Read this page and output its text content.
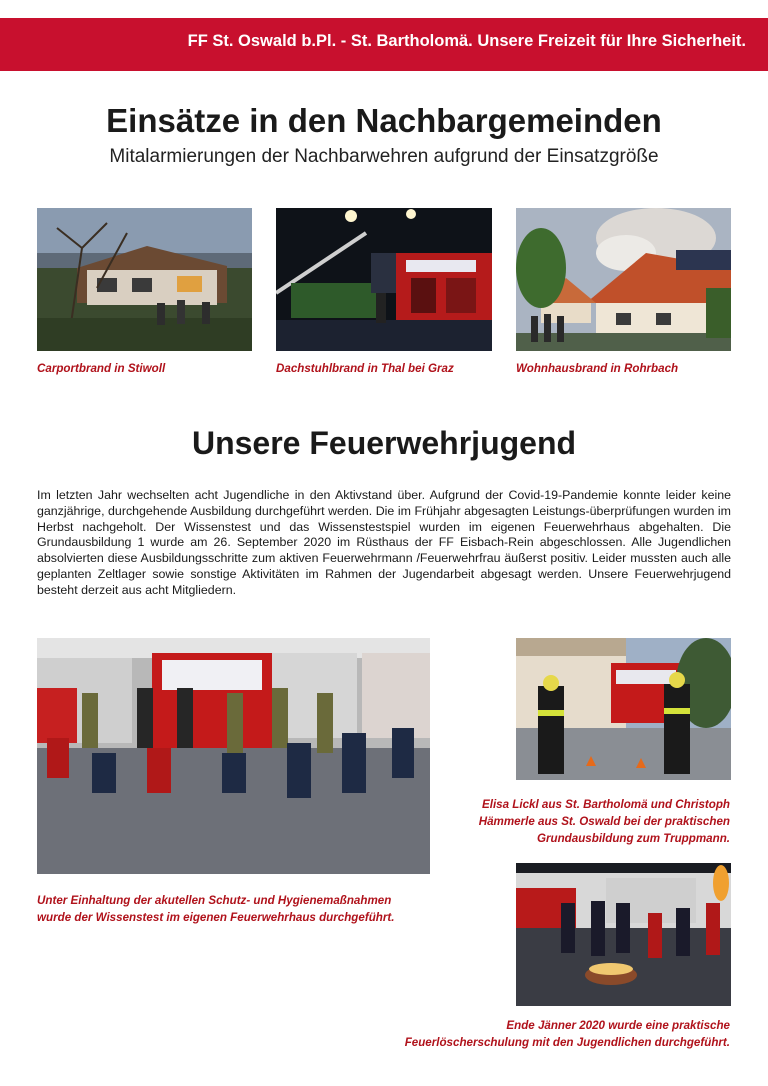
FF St. Oswald b.Pl. - St. Bartholomä. Unsere Freizeit für Ihre Sicherheit.
Einsätze in den Nachbargemeinden
Mitalarmierungen der Nachbarwehren aufgrund der Einsatzgröße
Carportbrand in Stiwoll	Dachstuhlbrand in Thal bei Graz	Wohnhausbrand in Rohrbach
Unsere Feuerwehrjugend

Im letzten Jahr wechselten acht Jugendliche in den Aktivstand über. Aufgrund der Covid-19-Pandemie konnte leider keine ganzjährige, durchgehende Ausbildung durchgeführt werden. Die im Frühjahr abgesagten Leistungs-überprüfungen wurden im Herbst nachgeholt. Der Wissenstest und das Wissenstestspiel wurden im eigenen Feuerwehrhaus abgehalten. Die Grundausbildung 1 wurde am 26. September 2020 im Rüsthaus der FF Eisbach-Rein abgeschlossen. Alle Jugendlichen absolvierten diese Ausbildungsschritte zum aktiven Feuerwehrmann /Feuerwehrfrau äußerst positiv. Leider mussten auch alle geplanten Zeltlager sowie sonstige Aktivitäten im Rahmen der Jugendarbeit abgesagt werden. Unsere Feuerwehrjugend besteht derzeit aus acht Mitgliedern.

Elisa Lickl aus St. Bartholomä und Christoph
Hämmerle aus St. Oswald bei der praktischen
Grundausbildung zum Truppmann.
Unter Einhaltung der akutellen Schutz- und Hygienemaßnahmen
wurde der Wissenstest im eigenen Feuerwehrhaus durchgeführt.
Ende Jänner 2020 wurde eine praktische
Feuerlöscherschulung mit den Jugendlichen durchgeführt.
